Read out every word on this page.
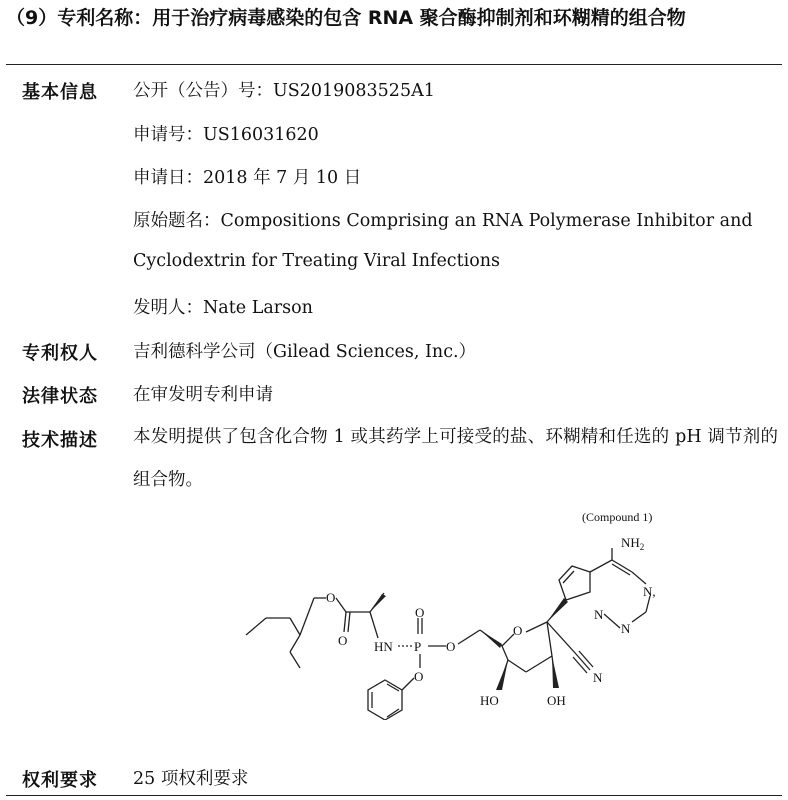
（9）专利名称：用于治疗病毒感染的包含 RNA 聚合酶抑制剂和环糊精的组合物
基本信息 公开（公告）号：US2019083525A1
申请号：US16031620
申请日：2018 年 7 月 10 日
原始题名：Compositions Comprising an RNA Polymerase Inhibitor and
Cyclodextrin for Treating Viral Infections
发明人：Nate Larson
专利权人 吉利德科学公司（Gilead Sciences, Inc.）
法律状态 在审发明专利申请
技术描述 本发明提供了包含化合物 1 或其药学上可接受的盐、环糊精和任选的 pH 调节剂的组合物。
(Compound 1)
$NH_2$
N,
N
N
HN P
O
O
O	O
O
O	N
HO	OH
权利要求 25 项权利要求
